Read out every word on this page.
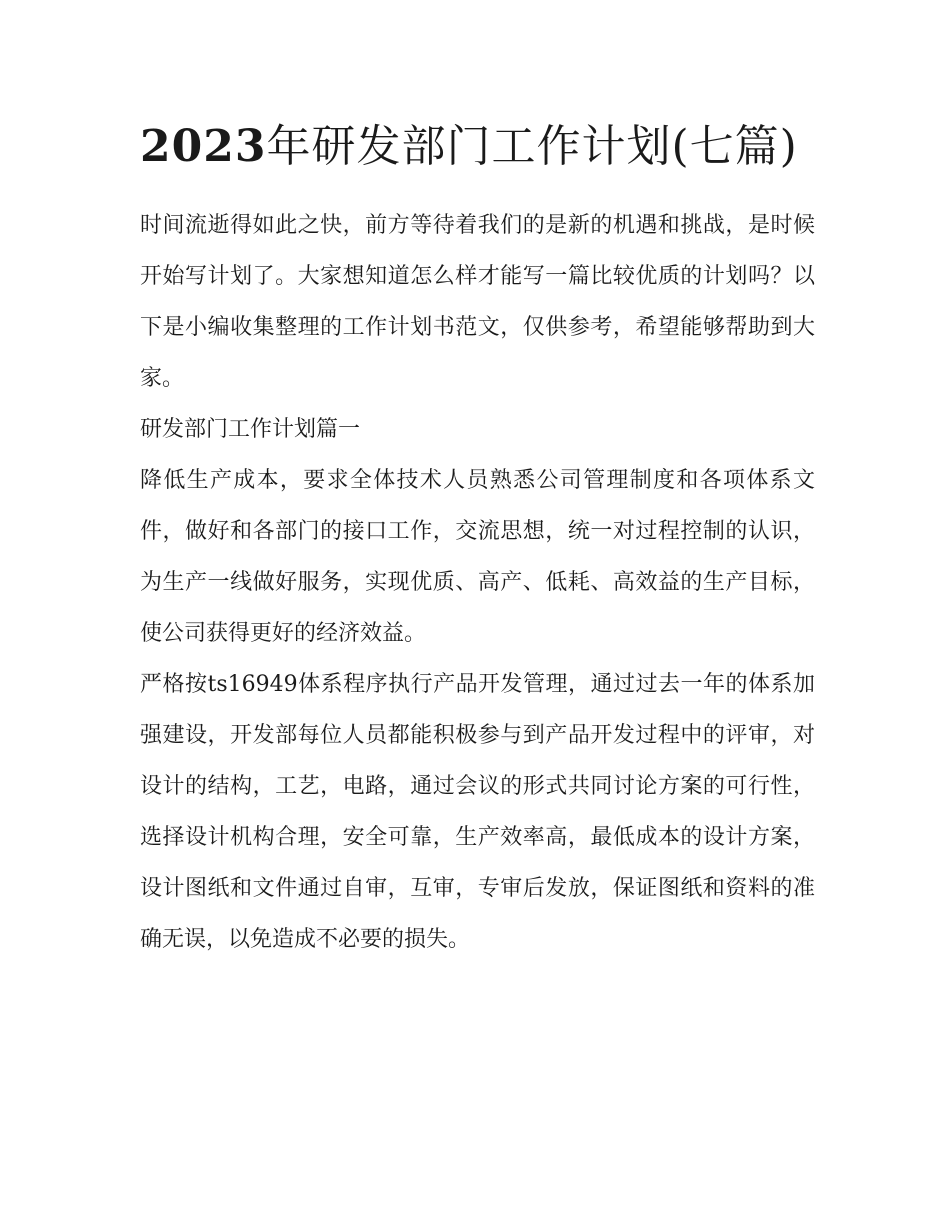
2023年研发部门工作计划(七篇)

时间流逝得如此之快，前方等待着我们的是新的机遇和挑战，是时候开始写计划了。大家想知道怎么样才能写一篇比较优质的计划吗？以下是小编收集整理的工作计划书范文，仅供参考，希望能够帮助到大家。

研发部门工作计划篇一

降低生产成本，要求全体技术人员熟悉公司管理制度和各项体系文件，做好和各部门的接口工作，交流思想，统一对过程控制的认识，为生产一线做好服务，实现优质、高产、低耗、高效益的生产目标，使公司获得更好的经济效益。

严格按ts16949体系程序执行产品开发管理，通过过去一年的体系加强建设，开发部每位人员都能积极参与到产品开发过程中的评审，对设计的结构，工艺，电路，通过会议的形式共同讨论方案的可行性，选择设计机构合理，安全可靠，生产效率高，最低成本的设计方案，设计图纸和文件通过自审，互审，专审后发放，保证图纸和资料的准确无误，以免造成不必要的损失。
